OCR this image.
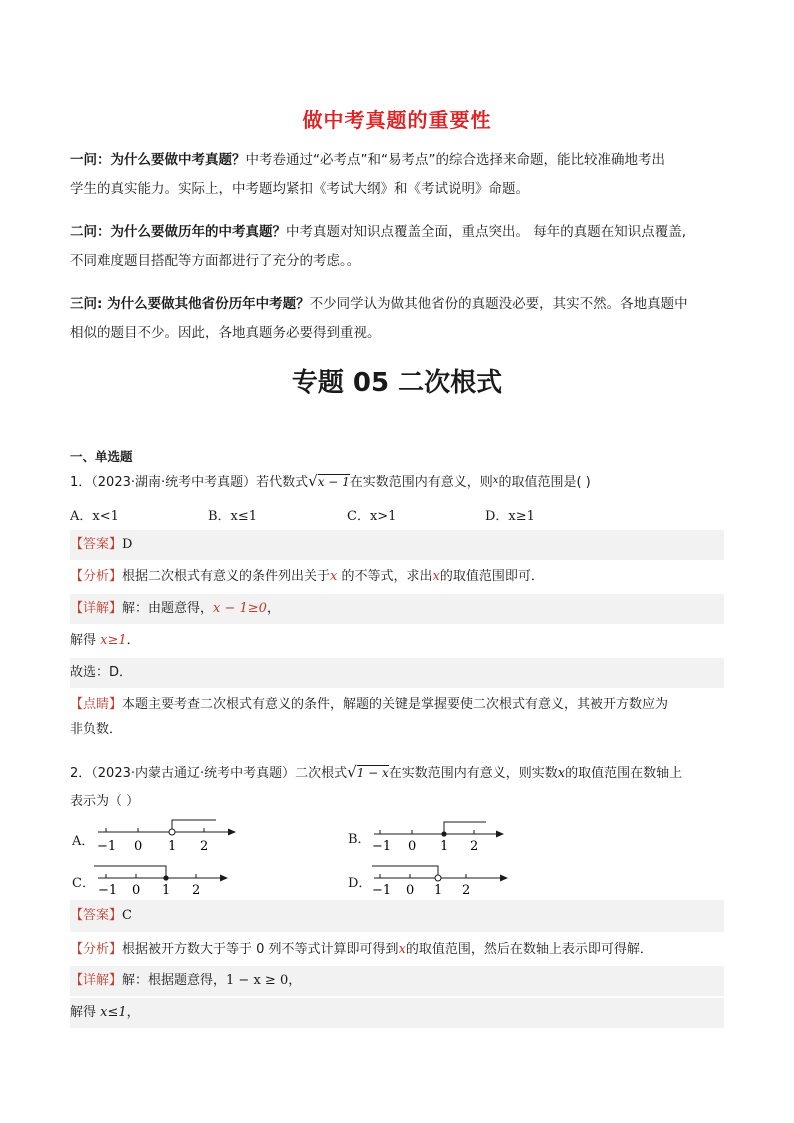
做中考真题的重要性
一问：为什么要做中考真题？中考卷通过“必考点”和“易考点”的综合选择来命题，能比较准确地考出
学生的真实能力。实际上，中考题均紧扣《考试大纲》和《考试说明》命题。
二问：为什么要做历年的中考真题？中考真题对知识点覆盖全面，重点突出。 每年的真题在知识点覆盖,
不同难度题目搭配等方面都进行了充分的考虑。。
三问: 为什么要做其他省份历年中考题？不少同学认为做其他省份的真题没必要，其实不然。各地真题中
相似的题目不少。因此，各地真题务必要得到重视。
专题 05 二次根式
一、单选题
1．（2023·湖南·统考中考真题）若代数式√x − 1在实数范围内有意义，则$^x$的取值范围是( )
A．x<1	B．x≤1	C．x>1	D．x≥1
【答案】D
【分析】根据二次根式有意义的条件列出关于x 的不等式，求出x的取值范围即可．
【详解】解：由题意得，x − 1≥0，
解得 x≥1．
故选：D．
【点睛】本题主要考查二次根式有意义的条件，解题的关键是掌握要使二次根式有意义，其被开方数应为
非负数．
2．（2023·内蒙古通辽·统考中考真题）二次根式√1 − x在实数范围内有意义，则实数x的取值范围在数轴上
表示为（ ）
A． −1 0 1 2	B． −1 0 1 2
C． −1 0 1 2	D． −1 0 1 2
【答案】C
【分析】根据被开方数大于等于 0 列不等式计算即可得到x的取值范围，然后在数轴上表示即可得解．
【详解】解：根据题意得，1 − x ≥ 0，
解得 x≤1，
